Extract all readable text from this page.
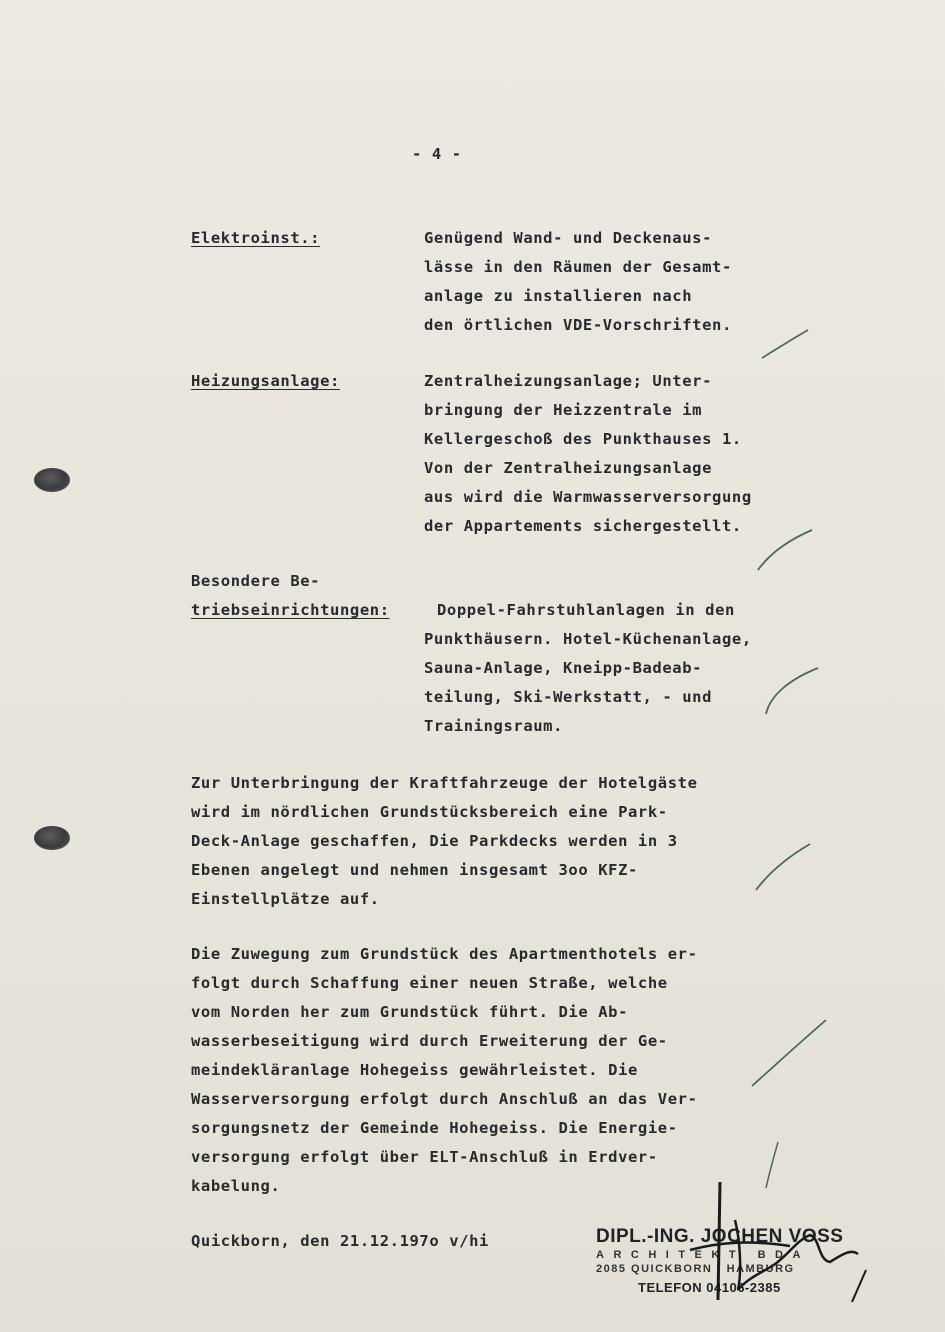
- 4 -
Elektroinst.:	Genügend Wand- und Deckenaus-
lässe in den Räumen der Gesamt-
anlage zu installieren nach
den örtlichen VDE-Vorschriften.
Heizungsanlage:	Zentralheizungsanlage; Unter-
bringung der Heizzentrale im
Kellergeschoß des Punkthauses 1.
Von der Zentralheizungsanlage
aus wird die Warmwasserversorgung
der Appartements sichergestellt.
Besondere Be-
triebseinrichtungen:	Doppel-Fahrstuhlanlagen in den
Punkthäusern. Hotel-Küchenanlage,
Sauna-Anlage, Kneipp-Badeab-
teilung, Ski-Werkstatt, - und
Trainingsraum.
Zur Unterbringung der Kraftfahrzeuge der Hotelgäste
wird im nördlichen Grundstücksbereich eine Park-
Deck-Anlage geschaffen, Die Parkdecks werden in 3
Ebenen angelegt und nehmen insgesamt 3oo KFZ-
Einstellplätze auf.
Die Zuwegung zum Grundstück des Apartmenthotels er-
folgt durch Schaffung einer neuen Straße, welche
vom Norden her zum Grundstück führt. Die Ab-
wasserbeseitigung wird durch Erweiterung der Ge-
meindekläranlage Hohegeiss gewährleistet. Die
Wasserversorgung erfolgt durch Anschluß an das Ver-
sorgungsnetz der Gemeinde Hohegeiss. Die Energie-
versorgung erfolgt über ELT-Anschluß in Erdver-
kabelung.
Quickborn, den 21.12.197o v/hi	DIPL.-ING. JOCHEN VOSS
ARCHITEKT BDA
2085 QUICKBORN · HAMBURG
TELEFON 04106-2385
